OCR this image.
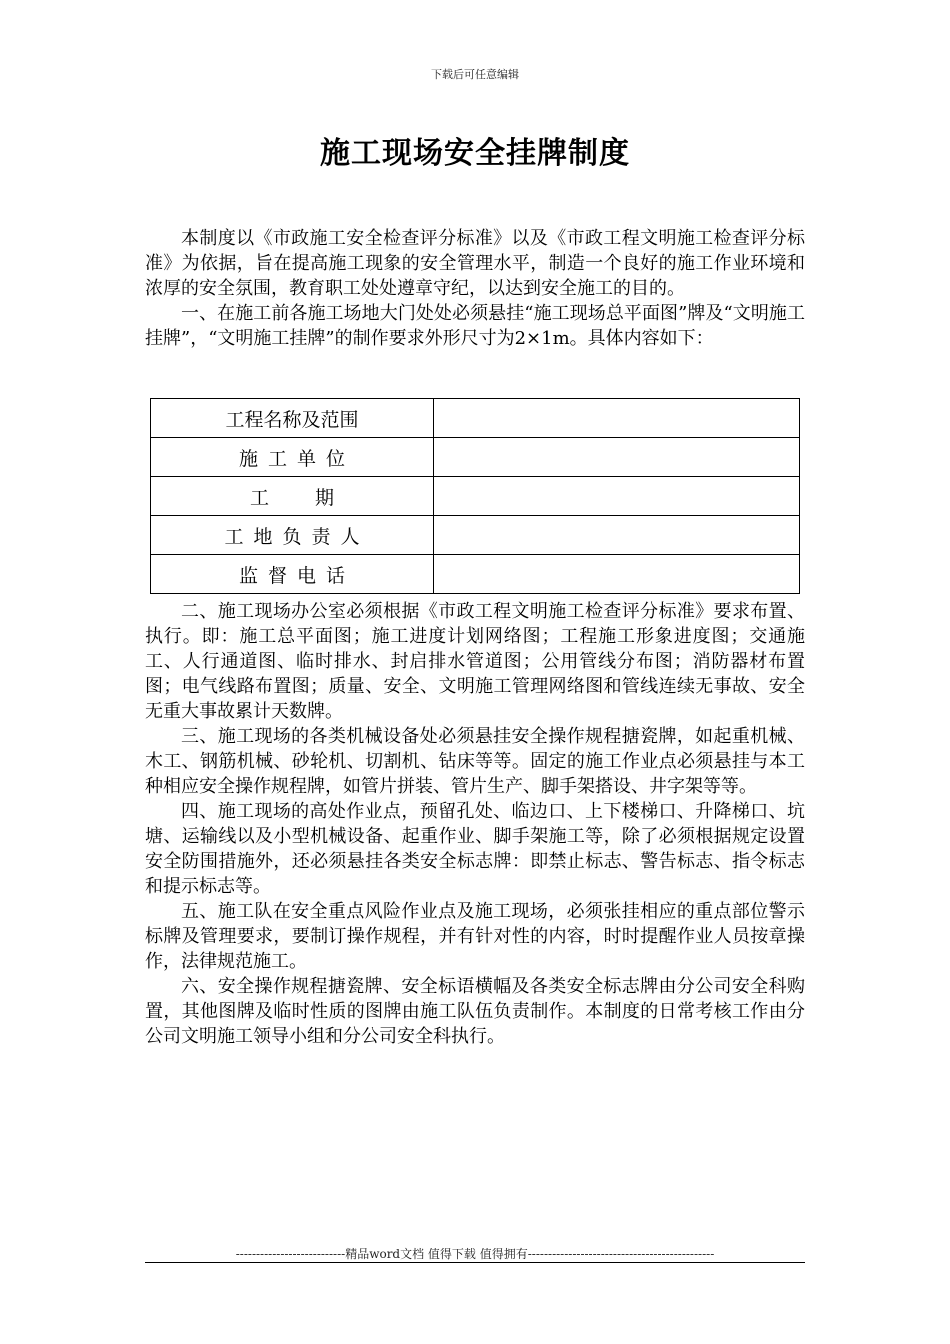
下载后可任意编辑
施工现场安全挂牌制度

本制度以《市政施工安全检查评分标准》以及《市政工程文明施工检查评分标准》为依据，旨在提高施工现象的安全管理水平，制造一个良好的施工作业环境和浓厚的安全氛围，教育职工处处遵章守纪，以达到安全施工的目的。

一、在施工前各施工场地大门处处必须悬挂“施工现场总平面图”牌及“文明施工挂牌”，“文明施工挂牌”的制作要求外形尺寸为2×1m。具体内容如下：

工程名称及范围	
施工单位	
工期	
工地负责人	
监督电话	

二、施工现场办公室必须根据《市政工程文明施工检查评分标准》要求布置、执行。即：施工总平面图；施工进度计划网络图；工程施工形象进度图；交通施工、人行通道图、临时排水、封启排水管道图；公用管线分布图；消防器材布置图；电气线路布置图；质量、安全、文明施工管理网络图和管线连续无事故、安全无重大事故累计天数牌。

三、施工现场的各类机械设备处必须悬挂安全操作规程搪瓷牌，如起重机械、木工、钢筋机械、砂轮机、切割机、钻床等等。固定的施工作业点必须悬挂与本工种相应安全操作规程牌，如管片拼装、管片生产、脚手架搭设、井字架等等。

四、施工现场的高处作业点，预留孔处、临边口、上下楼梯口、升降梯口、坑塘、运输线以及小型机械设备、起重作业、脚手架施工等，除了必须根据规定设置安全防围措施外，还必须悬挂各类安全标志牌：即禁止标志、警告标志、指令标志和提示标志等。

五、施工队在安全重点风险作业点及施工现场，必须张挂相应的重点部位警示标牌及管理要求，要制订操作规程，并有针对性的内容，时时提醒作业人员按章操作，法律规范施工。

六、安全操作规程搪瓷牌、安全标语横幅及各类安全标志牌由分公司安全科购置，其他图牌及临时性质的图牌由施工队伍负责制作。本制度的日常考核工作由分公司文明施工领导小组和分公司安全科执行。

---------------------------精品word文档 值得下载 值得拥有----------------------------------------------
